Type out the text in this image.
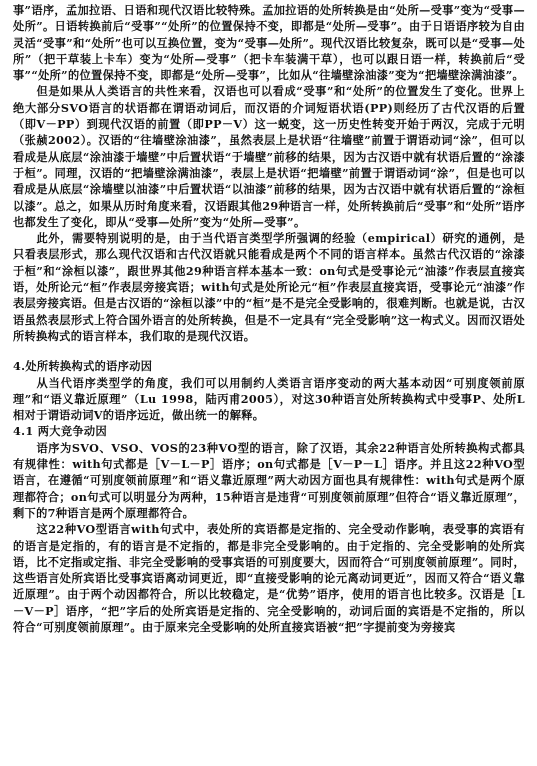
事”语序，孟加拉语、日语和现代汉语比较特殊。孟加拉语的处所转换是由“处所—受事”变为“受事—处所”。日语转换前后“受事”“处所”的位置保持不变，即都是“处所—受事”。由于日语语序较为自由灵活“受事”和“处所”也可以互换位置，变为“受事—处所”。现代汉语比较复杂，既可以是“受事—处所”（把干草装上卡车）变为“处所—受事”（把卡车装满干草），也可以跟日语一样，转换前后“受事”“处所”的位置保持不变，即都是“处所—受事”，比如从“往墙壁涂油漆”变为“把墙壁涂满油漆”。

但是如果从人类语言的共性来看，汉语也可以看成“受事”和“处所”的位置发生了变化。世界上绝大部分SVO语言的状语都在谓语动词后，而汉语的介词短语状语(PP)则经历了古代汉语的后置（即V－PP）到现代汉语的前置（即PP－V）这一蜕变，这一历史性转变开始于两汉，完成于元明（张赪2002）。汉语的“往墙壁涂油漆”，虽然表层上是状语“往墙壁”前置于谓语动词“涂”，但可以看成是从底层“涂油漆于墙壁”中后置状语“于墙壁”前移的结果，因为古汉语中就有状语后置的“涂漆于桓”。同理，汉语的“把墙壁涂满油漆”，表层上是状语“把墙壁”前置于谓语动词“涂”，但是也可以看成是从底层“涂墙壁以油漆”中后置状语“以油漆”前移的结果，因为古汉语中就有状语后置的“涂桓以漆”。总之，如果从历时角度来看，汉语跟其他29种语言一样，处所转换前后“受事”和“处所”语序也都发生了变化，即从“受事—处所”变为“处所—受事”。

此外，需要特别说明的是，由于当代语言类型学所强调的经验（empirical）研究的通例，是只看表层形式，那么现代汉语和古代汉语就只能看成是两个不同的语言样本。虽然古代汉语的“涂漆于桓”和“涂桓以漆”，跟世界其他29种语言样本基本一致：on句式是受事论元“油漆”作表层直接宾语，处所论元“桓”作表层旁接宾语；with句式是处所论元“桓”作表层直接宾语，受事论元“油漆”作表层旁接宾语。但是古汉语的“涂桓以漆”中的“桓”是不是完全受影响的，很难判断。也就是说，古汉语虽然表层形式上符合国外语言的处所转换，但是不一定具有“完全受影响”这一构式义。因而汉语处所转换构式的语言样本，我们取的是现代汉语。

4.处所转换构式的语序动因

从当代语序类型学的角度，我们可以用制约人类语言语序变动的两大基本动因“可别度领前原理”和“语义靠近原理”（Lu 1998，陆丙甫2005），对这30种语言处所转换构式中受事P、处所L相对于谓语动词V的语序远近，做出统一的解释。

4.1 两大竞争动因

语序为SVO、VSO、VOS的23种VO型的语言，除了汉语，其余22种语言处所转换构式都具有规律性：with句式都是［V－L－P］语序；on句式都是［V－P－L］语序。并且这22种VO型语言，在遵循“可别度领前原理”和“语义靠近原理”两大动因方面也具有规律性：with句式是两个原理都符合；on句式可以明显分为两种，15种语言是违背“可别度领前原理”但符合“语义靠近原理”，剩下的7种语言是两个原理都符合。

这22种VO型语言with句式中，表处所的宾语都是定指的、完全受动作影响，表受事的宾语有的语言是定指的，有的语言是不定指的，都是非完全受影响的。由于定指的、完全受影响的处所宾语，比不定指或定指、非完全受影响的受事宾语的可别度要大，因而符合“可别度领前原理”。同时，这些语言处所宾语比受事宾语离动词更近，即“直接受影响的论元离动词更近”，因而又符合“语义靠近原理”。由于两个动因都符合，所以比较稳定，是“优势”语序，使用的语言也比较多。汉语是［L－V－P］语序，“把”字后的处所宾语是定指的、完全受影响的，动词后面的宾语是不定指的，所以符合“可别度领前原理”。由于原来完全受影响的处所直接宾语被“把”字提前变为旁接宾
